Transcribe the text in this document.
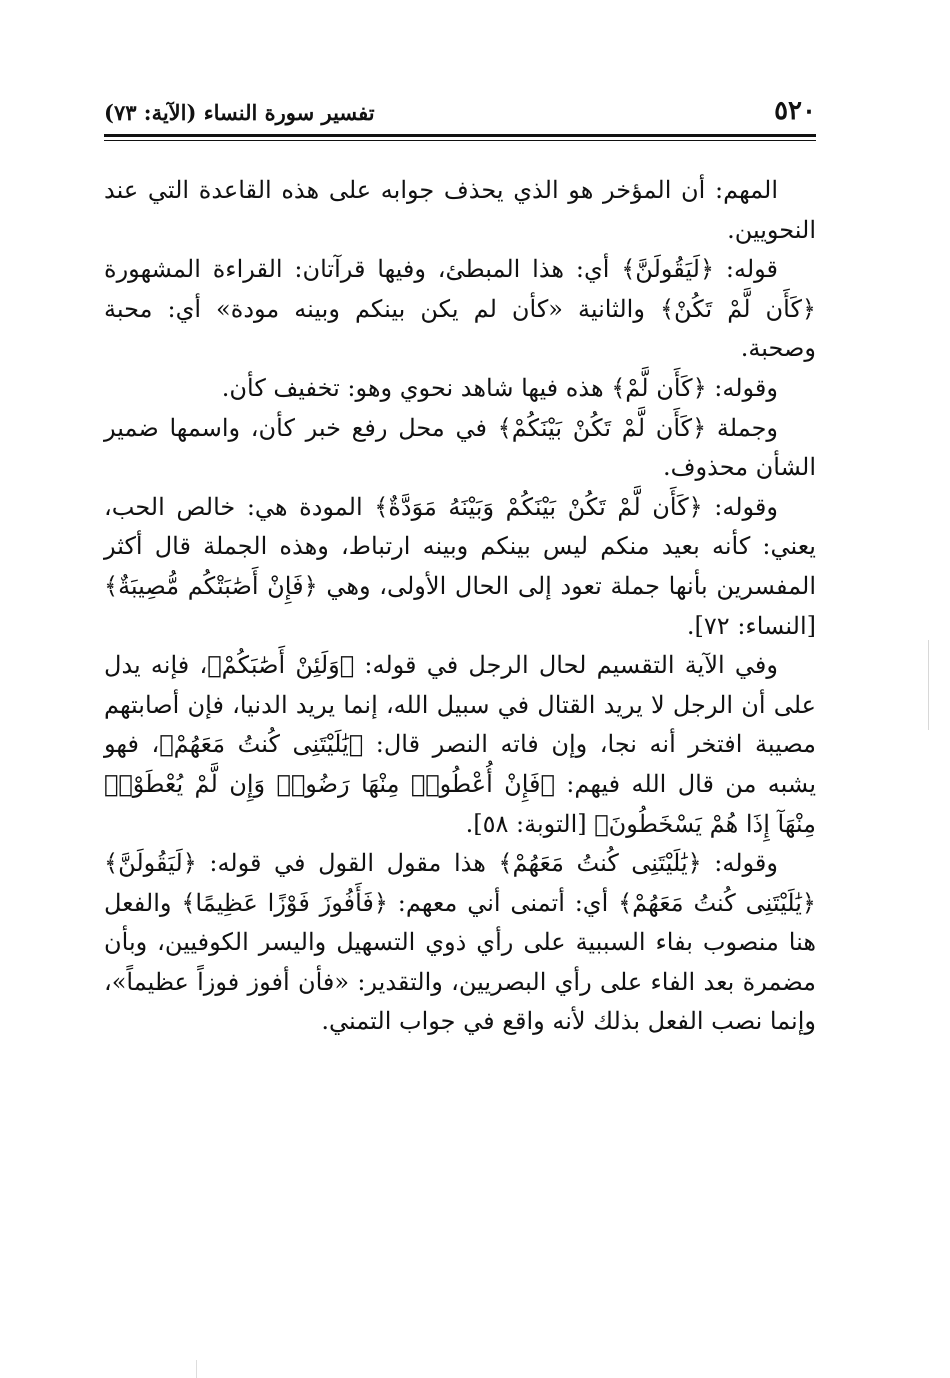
٥٢٠
تفسير سورة النساء (الآية: ٧٣)

المهم: أن المؤخر هو الذي يحذف جوابه على هذه القاعدة التي عند النحويين.

قوله: ﴿لَيَقُولَنَّ﴾ أي: هذا المبطئ، وفيها قرآتان: القراءة المشهورة ﴿كَأَن لَّمْ تَكُنْ﴾ والثانية «كأن لم يكن بينكم وبينه مودة» أي: محبة وصحبة.

وقوله: ﴿كَأَن لَّمْ﴾ هذه فيها شاهد نحوي وهو: تخفيف كأن.

وجملة ﴿كَأَن لَّمْ تَكُنْ بَيْنَكُمْ﴾ في محل رفع خبر كأن، واسمها ضمير الشأن محذوف.

وقوله: ﴿كَأَن لَّمْ تَكُنْ بَيْنَكُمْ وَبَيْنَهُ مَوَدَّةٌ﴾ المودة هي: خالص الحب، يعني: كأنه بعيد منكم ليس بينكم وبينه ارتباط، وهذه الجملة قال أكثر المفسرين بأنها جملة تعود إلى الحال الأولى، وهي ﴿فَإِنْ أَصَٰبَتْكُم مُّصِيبَةٌ﴾ [النساء: ٧٢].

وفي الآية التقسيم لحال الرجل في قوله: ﴿وَلَئِنْ أَصَٰبَكُمْ﴾، فإنه يدل على أن الرجل لا يريد القتال في سبيل الله، إنما يريد الدنيا، فإن أصابتهم مصيبة افتخر أنه نجا، وإن فاته النصر قال: ﴿يَٰلَيْتَنِى كُنتُ مَعَهُمْ﴾، فهو يشبه من قال الله فيهم: ﴿فَإِنْ أُعْطُوا۟ مِنْهَا رَضُوا۟ وَإِن لَّمْ يُعْطَوْا۟ مِنْهَآ إِذَا هُمْ يَسْخَطُونَ﴾ [التوبة: ٥٨].

وقوله: ﴿يَٰلَيْتَنِى كُنتُ مَعَهُمْ﴾ هذا مقول القول في قوله: ﴿لَيَقُولَنَّ﴾ ﴿يَٰلَيْتَنِى كُنتُ مَعَهُمْ﴾ أي: أتمنى أني معهم: ﴿فَأَفُوزَ فَوْزًا عَظِيمًا﴾ والفعل هنا منصوب بفاء السببية على رأي ذوي التسهيل واليسر الكوفيين، وبأن مضمرة بعد الفاء على رأي البصريين، والتقدير: «فأن أفوز فوزاً عظيماً»، وإنما نصب الفعل بذلك لأنه واقع في جواب التمني.
